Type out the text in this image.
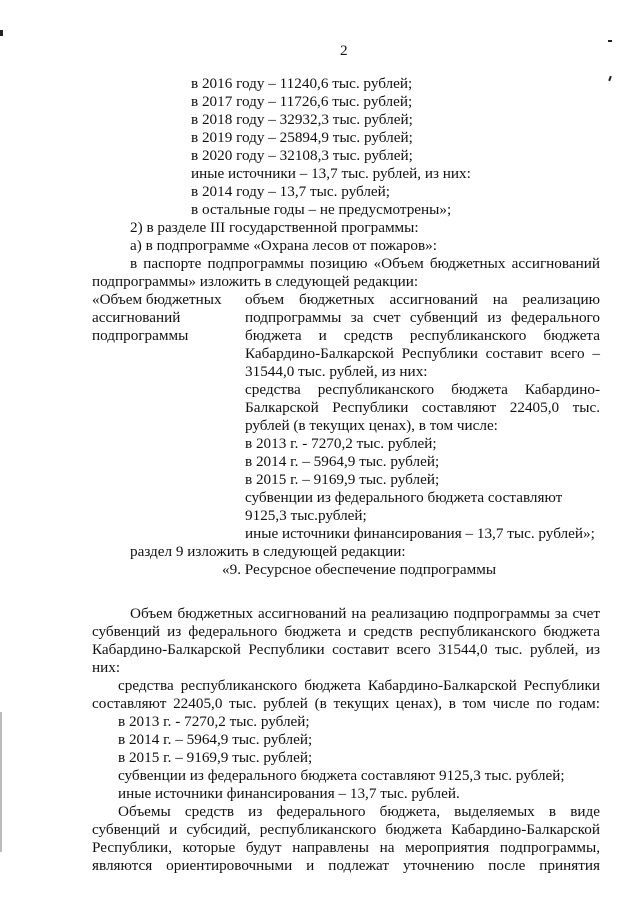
2
в 2016 году – 11240,6 тыс. рублей;
в 2017 году – 11726,6 тыс. рублей;
в 2018 году – 32932,3 тыс. рублей;
в 2019 году – 25894,9 тыс. рублей;
в 2020 году – 32108,3 тыс. рублей;
иные источники – 13,7 тыс. рублей, из них:
в 2014 году – 13,7 тыс. рублей;
в остальные годы – не предусмотрены»;
2) в разделе III государственной программы:
а) в подпрограмме «Охрана лесов от пожаров»:
в паспорте подпрограммы позицию «Объем бюджетных ассигнований
подпрограммы» изложить в следующей редакции:
«Объем бюджетных
ассигнований
подпрограммы
объем бюджетных ассигнований на реализацию
подпрограммы за счет субвенций из федерального
бюджета и средств республиканского бюджета
Кабардино-Балкарской Республики составит всего –
31544,0 тыс. рублей, из них:
средства республиканского бюджета Кабардино-
Балкарской Республики составляют 22405,0 тыс.
рублей (в текущих ценах), в том числе:
в 2013 г. - 7270,2 тыс. рублей;
в 2014 г. – 5964,9 тыс. рублей;
в 2015 г. – 9169,9 тыс. рублей;
субвенции из федерального бюджета составляют
9125,3 тыс.рублей;
иные источники финансирования – 13,7 тыс. рублей»;
раздел 9 изложить в следующей редакции:
«9. Ресурсное обеспечение подпрограммы
Объем бюджетных ассигнований на реализацию подпрограммы за счет
субвенций из федерального бюджета и средств республиканского бюджета
Кабардино-Балкарской Республики составит всего 31544,0 тыс. рублей, из
них:
средства республиканского бюджета Кабардино-Балкарской Республики
составляют 22405,0 тыс. рублей (в текущих ценах), в том числе по годам:
в 2013 г. - 7270,2 тыс. рублей;
в 2014 г. – 5964,9 тыс. рублей;
в 2015 г. – 9169,9 тыс. рублей;
субвенции из федерального бюджета составляют 9125,3 тыс. рублей;
иные источники финансирования – 13,7 тыс. рублей.
Объемы средств из федерального бюджета, выделяемых в виде
субвенций и субсидий, республиканского бюджета Кабардино-Балкарской
Республики, которые будут направлены на мероприятия подпрограммы,
являются ориентировочными и подлежат уточнению после принятия
